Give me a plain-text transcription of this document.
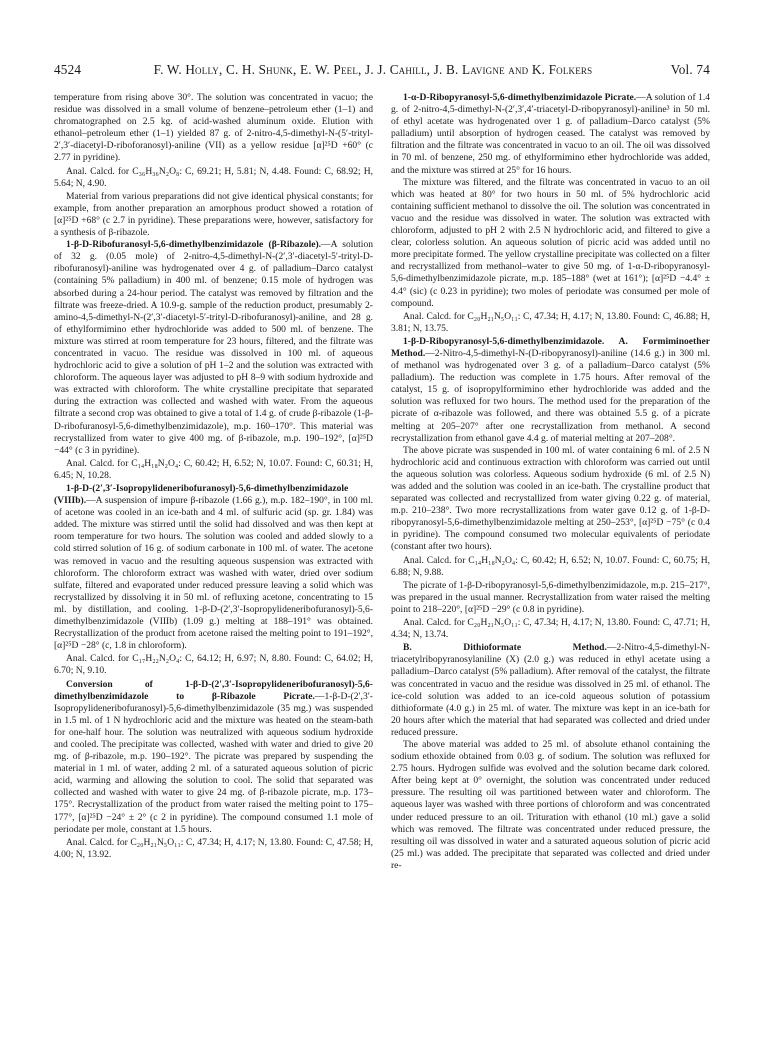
4524	F. W. Holly, C. H. Shunk, E. W. Peel, J. J. Cahill, J. B. Lavigne and K. Folkers	Vol. 74

temperature from rising above 30°. The solution was concentrated in vacuo; the residue was dissolved in a small volume of benzene–petroleum ether (1–1) and chromatographed on 2.5 kg. of acid-washed aluminum oxide. Elution with ethanol–petroleum ether (1–1) yielded 87 g. of 2-nitro-4,5-dimethyl-N-(5′-trityl-2′,3′-diacetyl-D-riboforanosyl)-aniline (VII) as a yellow residue [α]²⁵D +60° (c 2.77 in pyridine).

Anal. Calcd. for C₃₆H₃₆N₂O₈: C, 69.21; H, 5.81; N, 4.48. Found: C, 68.92; H, 5.64; N, 4.90.

Material from various preparations did not give identical physical constants; for example, from another preparation an amorphous product showed a rotation of [α]²⁵D +68° (c 2.7 in pyridine). These preparations were, however, satisfactory for a synthesis of β-ribazole.

1-β-D-Ribofuranosyl-5,6-dimethylbenzimidazole (β-Ribazole).—A solution of 32 g. (0.05 mole) of 2-nitro-4,5-dimethyl-N-(2′,3′-diacetyl-5′-trityl-D-ribofuranosyl)-aniline was hydrogenated over 4 g. of palladium–Darco catalyst (containing 5% palladium) in 400 ml. of benzene; 0.15 mole of hydrogen was absorbed during a 24-hour period. The catalyst was removed by filtration and the filtrate was freeze-dried. A 10.9-g. sample of the reduction product, presumably 2-amino-4,5-dimethyl-N-(2′,3′-diacetyl-5′-trityl-D-ribofuranosyl)-aniline, and 28 g. of ethylformimino ether hydrochloride was added to 500 ml. of benzene. The mixture was stirred at room temperature for 23 hours, filtered, and the filtrate was concentrated in vacuo. The residue was dissolved in 100 ml. of aqueous hydrochloric acid to give a solution of pH 1–2 and the solution was extracted with chloroform. The aqueous layer was adjusted to pH 8–9 with sodium hydroxide and was extracted with chloroform. The white crystalline precipitate that separated during the extraction was collected and washed with water. From the aqueous filtrate a second crop was obtained to give a total of 1.4 g. of crude β-ribazole (1-β-D-ribofuranosyl-5,6-dimethylbenzimidazole), m.p. 160–170°. This material was recrystallized from water to give 400 mg. of β-ribazole, m.p. 190–192°, [α]²⁵D −44° (c 3 in pyridine).

Anal. Calcd. for C₁₄H₁₈N₂O₄: C, 60.42; H, 6.52; N, 10.07. Found: C, 60.31; H, 6.45; N, 10.28.

1-β-D-(2′,3′-Isopropylideneribofuranosyl)-5,6-dimethylbenzimidazole (VIIIb).—A suspension of impure β-ribazole (1.66 g.), m.p. 182–190°, in 100 ml. of acetone was cooled in an ice-bath and 4 ml. of sulfuric acid (sp. gr. 1.84) was added. The mixture was stirred until the solid had dissolved and was then kept at room temperature for two hours. The solution was cooled and added slowly to a cold stirred solution of 16 g. of sodium carbonate in 100 ml. of water. The acetone was removed in vacuo and the resulting aqueous suspension was extracted with chloroform. The chloroform extract was washed with water, dried over sodium sulfate, filtered and evaporated under reduced pressure leaving a solid which was recrystallized by dissolving it in 50 ml. of refluxing acetone, concentrating to 15 ml. by distillation, and cooling. 1-β-D-(2′,3′-Isopropylideneribofuranosyl)-5,6-dimethylbenzimidazole (VIIIb) (1.09 g.) melting at 188–191° was obtained. Recrystallization of the product from acetone raised the melting point to 191–192°, [α]²⁵D −28° (c, 1.8 in chloroform).

Anal. Calcd. for C₁₇H₂₂N₂O₄: C, 64.12; H, 6.97; N, 8.80. Found: C, 64.02; H, 6.70; N, 9.10.

Conversion of 1-β-D-(2′,3′-Isopropylideneribofuranosyl)-5,6-dimethylbenzimidazole to β-Ribazole Picrate.—1-β-D-(2′,3′-Isopropylideneribofuranosyl)-5,6-dimethylbenzimidazole (35 mg.) was suspended in 1.5 ml. of 1 N hydrochloric acid and the mixture was heated on the steam-bath for one-half hour. The solution was neutralized with aqueous sodium hydroxide and cooled. The precipitate was collected, washed with water and dried to give 20 mg. of β-ribazole, m.p. 190–192°. The picrate was prepared by suspending the material in 1 ml. of water, adding 2 ml. of a saturated aqueous solution of picric acid, warming and allowing the solution to cool. The solid that separated was collected and washed with water to give 24 mg. of β-ribazole picrate, m.p. 173–175°. Recrystallization of the product from water raised the melting point to 175–177°, [α]²⁵D −24° ± 2° (c 2 in pyridine). The compound consumed 1.1 mole of periodate per mole, constant at 1.5 hours.

Anal. Calcd. for C₂₀H₂₁N₅O₁₁: C, 47.34; H, 4.17; N, 13.80. Found: C, 47.58; H, 4.00; N, 13.92.

1-α-D-Ribopyranosyl-5,6-dimethylbenzimidazole Picrate.—A solution of 1.4 g. of 2-nitro-4,5-dimethyl-N-(2′,3′,4′-triacetyl-D-ribopyranosyl)-aniline³ in 50 ml. of ethyl acetate was hydrogenated over 1 g. of palladium–Darco catalyst (5% palladium) until absorption of hydrogen ceased. The catalyst was removed by filtration and the filtrate was concentrated in vacuo to an oil. The oil was dissolved in 70 ml. of benzene, 250 mg. of ethylformimino ether hydrochloride was added, and the mixture was stirred at 25° for 16 hours.

The mixture was filtered, and the filtrate was concentrated in vacuo to an oil which was heated at 80° for two hours in 50 ml. of 5% hydrochloric acid containing sufficient methanol to dissolve the oil. The solution was concentrated in vacuo and the residue was dissolved in water. The solution was extracted with chloroform, adjusted to pH 2 with 2.5 N hydrochloric acid, and filtered to give a clear, colorless solution. An aqueous solution of picric acid was added until no more precipitate formed. The yellow crystalline precipitate was collected on a filter and recrystallized from methanol–water to give 50 mg. of 1-α-D-ribopyranosyl-5,6-dimethylbenzimidazole picrate, m.p. 185–188° (wet at 161°); [α]²⁵D −4.4° ± 4.4° (sic) (c 0.23 in pyridine); two moles of periodate was consumed per mole of compound.

Anal. Calcd. for C₂₀H₂₁N₅O₁₁: C, 47.34; H, 4.17; N, 13.80. Found: C, 46.88; H, 3.81; N, 13.75.

1-β-D-Ribopyranosyl-5,6-dimethylbenzimidazole. A. Formiminoether Method.—2-Nitro-4,5-dimethyl-N-(D-ribopyranosyl)-aniline (14.6 g.) in 300 ml. of methanol was hydrogenated over 3 g. of a palladium–Darco catalyst (5% palladium). The reduction was complete in 1.75 hours. After removal of the catalyst, 15 g. of isopropylformimino ether hydrochloride was added and the solution was refluxed for two hours. The method used for the preparation of the picrate of α-ribazole was followed, and there was obtained 5.5 g. of a picrate melting at 205–207° after one recrystallization from methanol. A second recrystallization from ethanol gave 4.4 g. of material melting at 207–208°.

The above picrate was suspended in 100 ml. of water containing 6 ml. of 2.5 N hydrochloric acid and continuous extraction with chloroform was carried out until the aqueous solution was colorless. Aqueous sodium hydroxide (6 ml. of 2.5 N) was added and the solution was cooled in an ice-bath. The crystalline product that separated was collected and recrystallized from water giving 0.22 g. of material, m.p. 210–238°. Two more recrystallizations from water gave 0.12 g. of 1-β-D-ribopyranosyl-5,6-dimethylbenzimidazole melting at 250–253°, [α]²⁵D −75° (c 0.4 in pyridine). The compound consumed two molecular equivalents of periodate (constant after two hours).

Anal. Calcd. for C₁₄H₁₈N₂O₄: C, 60.42; H, 6.52; N, 10.07. Found: C, 60.75; H, 6.88; N, 9.88.

The picrate of 1-β-D-ribopyranosyl-5,6-dimethylbenzimidazole, m.p. 215–217°, was prepared in the usual manner. Recrystallization from water raised the melting point to 218–220°, [α]²⁵D −29° (c 0.8 in pyridine).

Anal. Calcd. for C₂₀H₂₁N₅O₁₁: C, 47.34; H, 4.17; N, 13.80. Found: C, 47.71; H, 4.34; N, 13.74.

B. Dithioformate Method.—2-Nitro-4,5-dimethyl-N-triacetylribopyranosylaniline (X) (2.0 g.) was reduced in ethyl acetate using a palladium–Darco catalyst (5% palladium). After removal of the catalyst, the filtrate was concentrated in vacuo and the residue was dissolved in 25 ml. of ethanol. The ice-cold solution was added to an ice-cold aqueous solution of potassium dithioformate (4.0 g.) in 25 ml. of water. The mixture was kept in an ice-bath for 20 hours after which the material that had separated was collected and dried under reduced pressure.

The above material was added to 25 ml. of absolute ethanol containing the sodium ethoxide obtained from 0.03 g. of sodium. The solution was refluxed for 2.75 hours. Hydrogen sulfide was evolved and the solution became dark colored. After being kept at 0° overnight, the solution was concentrated under reduced pressure. The resulting oil was partitioned between water and chloroform. The aqueous layer was washed with three portions of chloroform and was concentrated under reduced pressure to an oil. Trituration with ethanol (10 ml.) gave a solid which was removed. The filtrate was concentrated under reduced pressure, the resulting oil was dissolved in water and a saturated aqueous solution of picric acid (25 ml.) was added. The precipitate that separated was collected and dried under re-
